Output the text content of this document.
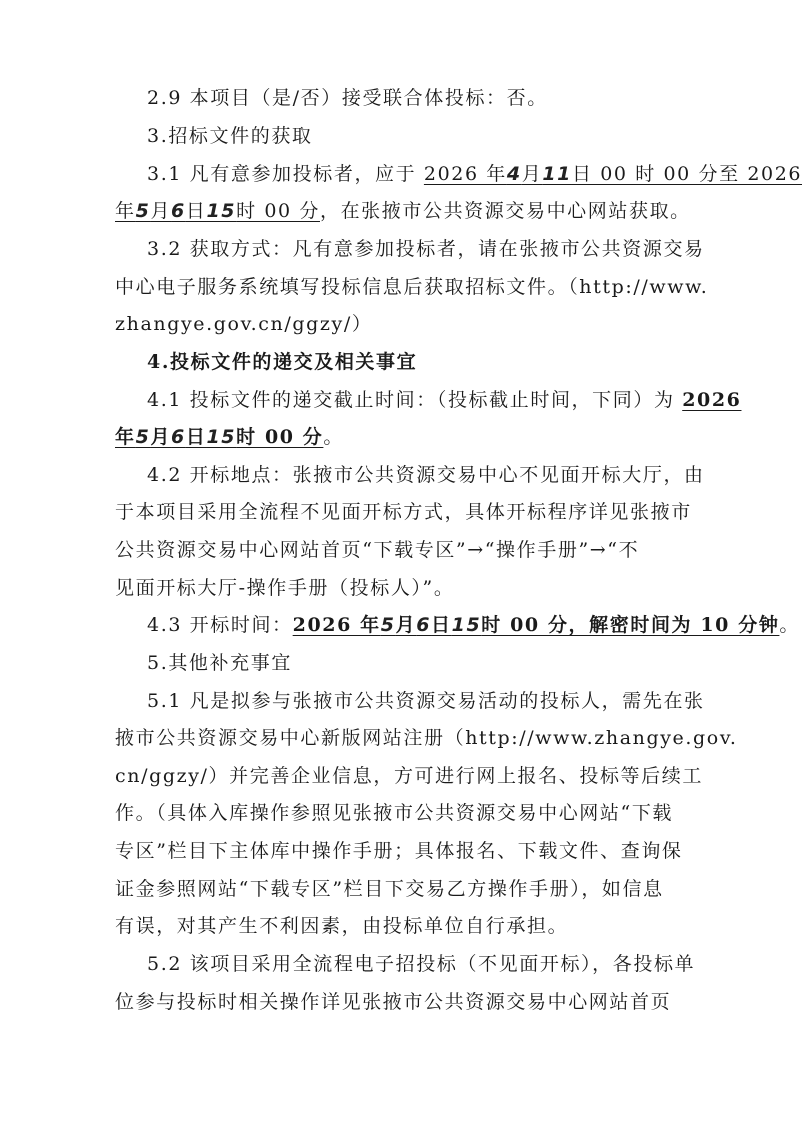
2.9 本项目（是/否）接受联合体投标：否。
3.招标文件的获取
3.1 凡有意参加投标者，应于 2026 年4月11日 00 时 00 分至 2026
年5月6日15时 00 分，在张掖市公共资源交易中心网站获取。
3.2 获取方式：凡有意参加投标者，请在张掖市公共资源交易
中心电子服务系统填写投标信息后获取招标文件。（http://www.
zhangye.gov.cn/ggzy/）
4.投标文件的递交及相关事宜
4.1 投标文件的递交截止时间：（投标截止时间，下同）为 2026
年5月6日15时 00 分。
4.2 开标地点：张掖市公共资源交易中心不见面开标大厅，由
于本项目采用全流程不见面开标方式，具体开标程序详见张掖市
公共资源交易中心网站首页“下载专区”→“操作手册”→“不
见面开标大厅-操作手册（投标人）”。
4.3 开标时间：2026 年5月6日15时 00 分，解密时间为 10 分钟。
5.其他补充事宜
5.1 凡是拟参与张掖市公共资源交易活动的投标人，需先在张
掖市公共资源交易中心新版网站注册（http://www.zhangye.gov.
cn/ggzy/）并完善企业信息，方可进行网上报名、投标等后续工
作。（具体入库操作参照见张掖市公共资源交易中心网站“下载
专区”栏目下主体库中操作手册；具体报名、下载文件、查询保
证金参照网站“下载专区”栏目下交易乙方操作手册），如信息
有误，对其产生不利因素，由投标单位自行承担。
5.2 该项目采用全流程电子招投标（不见面开标），各投标单
位参与投标时相关操作详见张掖市公共资源交易中心网站首页
